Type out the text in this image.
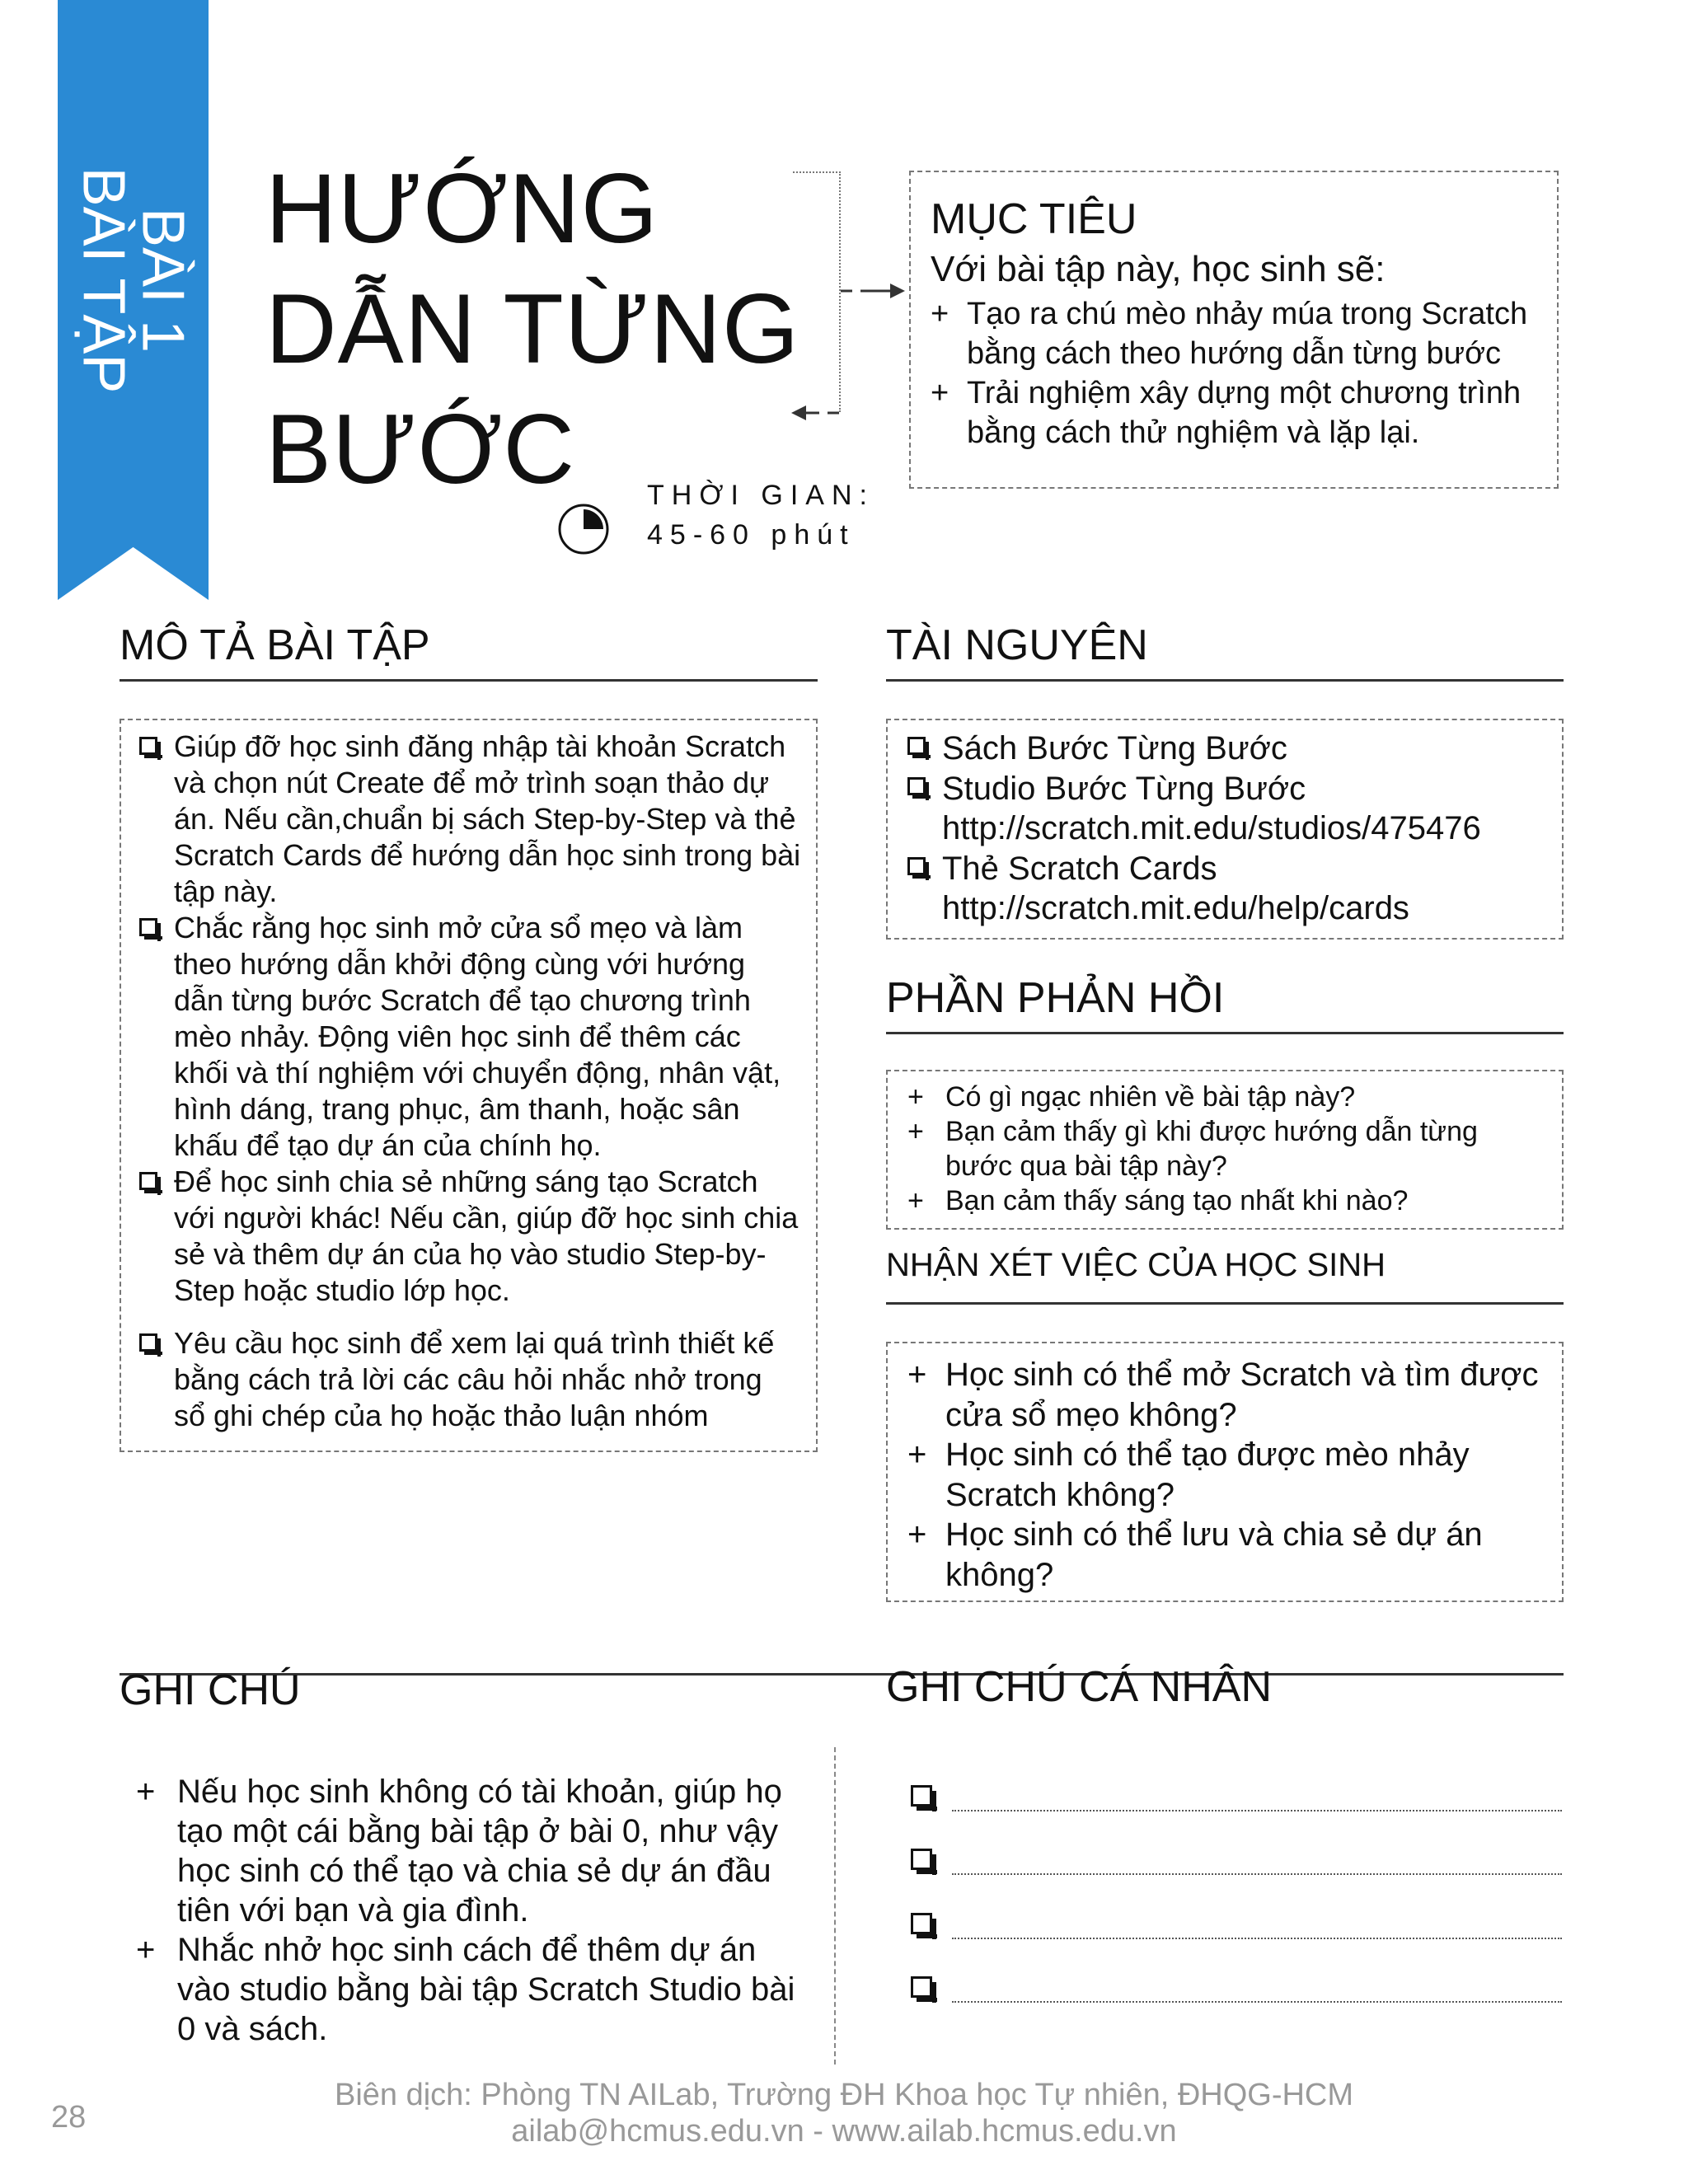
BÀI 1
BÀI TẬP HƯỚNG
DẪN TỪNG
BƯỚC	THỜI GIAN:
45-60 phút
MỤC TIÊU
Với bài tập này, học sinh sẽ:
+ Tạo ra chú mèo nhảy múa trong Scratch bằng cách theo hướng dẫn từng bước
+ Trải nghiệm xây dựng một chương trình bằng cách thử nghiệm và lặp lại.
MÔ TẢ BÀI TẬP
Giúp đỡ học sinh đăng nhập tài khoản Scratch và chọn nút Create để mở trình soạn thảo dự án. Nếu cần,chuẩn bị sách Step-by-Step và thẻ Scratch Cards để hướng dẫn học sinh trong bài tập này.
Chắc rằng học sinh mở cửa sổ mẹo và làm theo hướng dẫn khởi động cùng với hướng dẫn từng bước Scratch để tạo chương trình mèo nhảy. Động viên học sinh để thêm các khối và thí nghiệm với chuyển động, nhân vật, hình dáng, trang phục, âm thanh, hoặc sân khấu để tạo dự án của chính họ.
Để học sinh chia sẻ những sáng tạo Scratch với người khác! Nếu cần, giúp đỡ học sinh chia sẻ và thêm dự án của họ vào studio Step-by-Step hoặc studio lớp học.
Yêu cầu học sinh để xem lại quá trình thiết kế bằng cách trả lời các câu hỏi nhắc nhở trong sổ ghi chép của họ hoặc thảo luận nhóm
TÀI NGUYÊN
Sách Bước Từng Bước
Studio Bước Từng Bước
http://scratch.mit.edu/studios/475476
Thẻ Scratch Cards
http://scratch.mit.edu/help/cards
PHẦN PHẢN HỒI
+ Có gì ngạc nhiên về bài tập này?
+ Bạn cảm thấy gì khi được hướng dẫn từng bước qua bài tập này?
+ Bạn cảm thấy sáng tạo nhất khi nào?
NHẬN XÉT VIỆC CỦA HỌC SINH
+ Học sinh có thể mở Scratch và tìm được cửa sổ mẹo không?
+ Học sinh có thể tạo được mèo nhảy Scratch không?
+ Học sinh có thể lưu và chia sẻ dự án không?
GHI CHÚ	GHI CHÚ CÁ NHÂN
+ Nếu học sinh không có tài khoản, giúp họ tạo một cái bằng bài tập ở bài 0, như vậy học sinh có thể tạo và chia sẻ dự án đầu tiên với bạn và gia đình.
+ Nhắc nhở học sinh cách để thêm dự án vào studio bằng bài tập Scratch Studio bài 0 và sách.
Biên dịch: Phòng TN AILab, Trường ĐH Khoa học Tự nhiên, ĐHQG-HCM
ailab@hcmus.edu.vn - www.ailab.hcmus.edu.vn
28
